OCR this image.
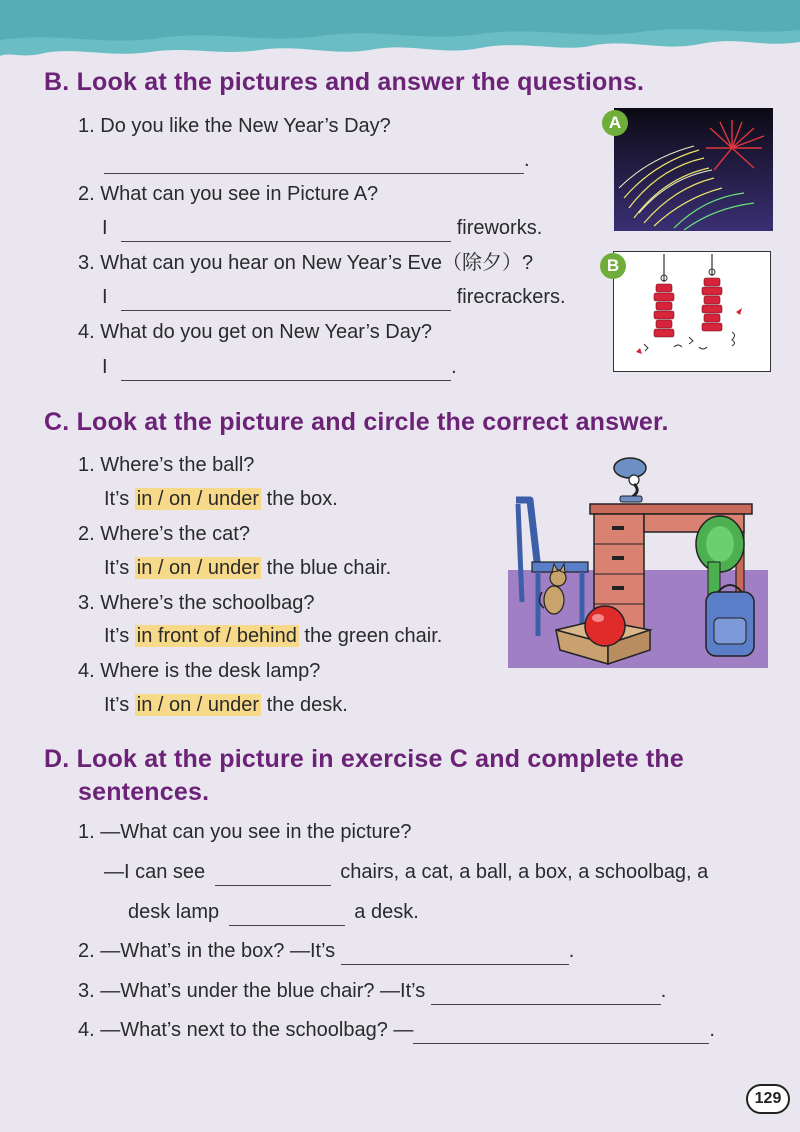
B. Look at the pictures and answer the questions.
1. Do you like the New Year’s Day?
.
2. What can you see in Picture A?
I	fireworks.
3. What can you hear on New Year’s Eve（除夕）?
I	firecrackers.
4. What do you get on New Year’s Day?
I	.
A
B
C. Look at the picture and circle the correct answer.
1. Where’s the ball?
It’s in / on / under the box.
2. Where’s the cat?
It’s in / on / under the blue chair.
3. Where’s the schoolbag?
It’s in front of / behind the green chair.
4. Where is the desk lamp?
It’s in / on / under the desk.
D. Look at the picture in exercise C and complete the
sentences.
1. —What can you see in the picture?
—I can see	chairs, a cat, a ball, a box, a schoolbag, a
desk lamp	a desk.
2. —What’s in the box? —It’s	.
3. —What’s under the blue chair? —It’s	.
4. —What’s next to the schoolbag? —	.
129
